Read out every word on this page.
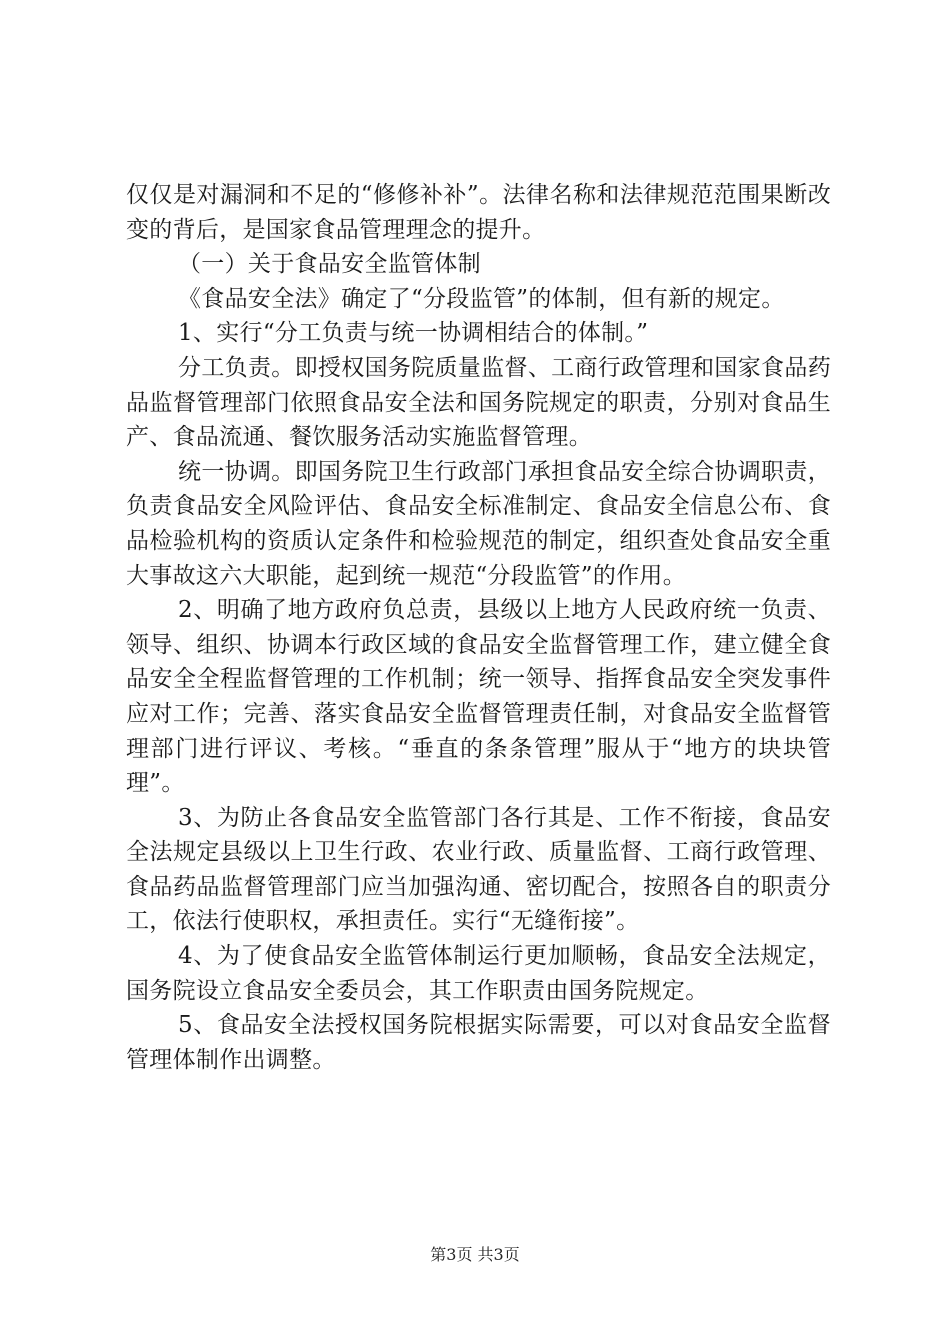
仅仅是对漏洞和不足的“修修补补”。法律名称和法律规范范围果断改变的背后，是国家食品管理理念的提升。

（一）关于食品安全监管体制

《食品安全法》确定了“分段监管”的体制，但有新的规定。

1、实行“分工负责与统一协调相结合的体制。”

分工负责。即授权国务院质量监督、工商行政管理和国家食品药品监督管理部门依照食品安全法和国务院规定的职责，分别对食品生产、食品流通、餐饮服务活动实施监督管理。

统一协调。即国务院卫生行政部门承担食品安全综合协调职责，负责食品安全风险评估、食品安全标准制定、食品安全信息公布、食品检验机构的资质认定条件和检验规范的制定，组织查处食品安全重大事故这六大职能，起到统一规范“分段监管”的作用。

2、明确了地方政府负总责，县级以上地方人民政府统一负责、领导、组织、协调本行政区域的食品安全监督管理工作，建立健全食品安全全程监督管理的工作机制；统一领导、指挥食品安全突发事件应对工作；完善、落实食品安全监督管理责任制，对食品安全监督管理部门进行评议、考核。“垂直的条条管理”服从于“地方的块块管理”。

3、为防止各食品安全监管部门各行其是、工作不衔接，食品安全法规定县级以上卫生行政、农业行政、质量监督、工商行政管理、食品药品监督管理部门应当加强沟通、密切配合，按照各自的职责分工，依法行使职权，承担责任。实行“无缝衔接”。

4、为了使食品安全监管体制运行更加顺畅，食品安全法规定，国务院设立食品安全委员会，其工作职责由国务院规定。

5、食品安全法授权国务院根据实际需要，可以对食品安全监督管理体制作出调整。

第3页 共3页
